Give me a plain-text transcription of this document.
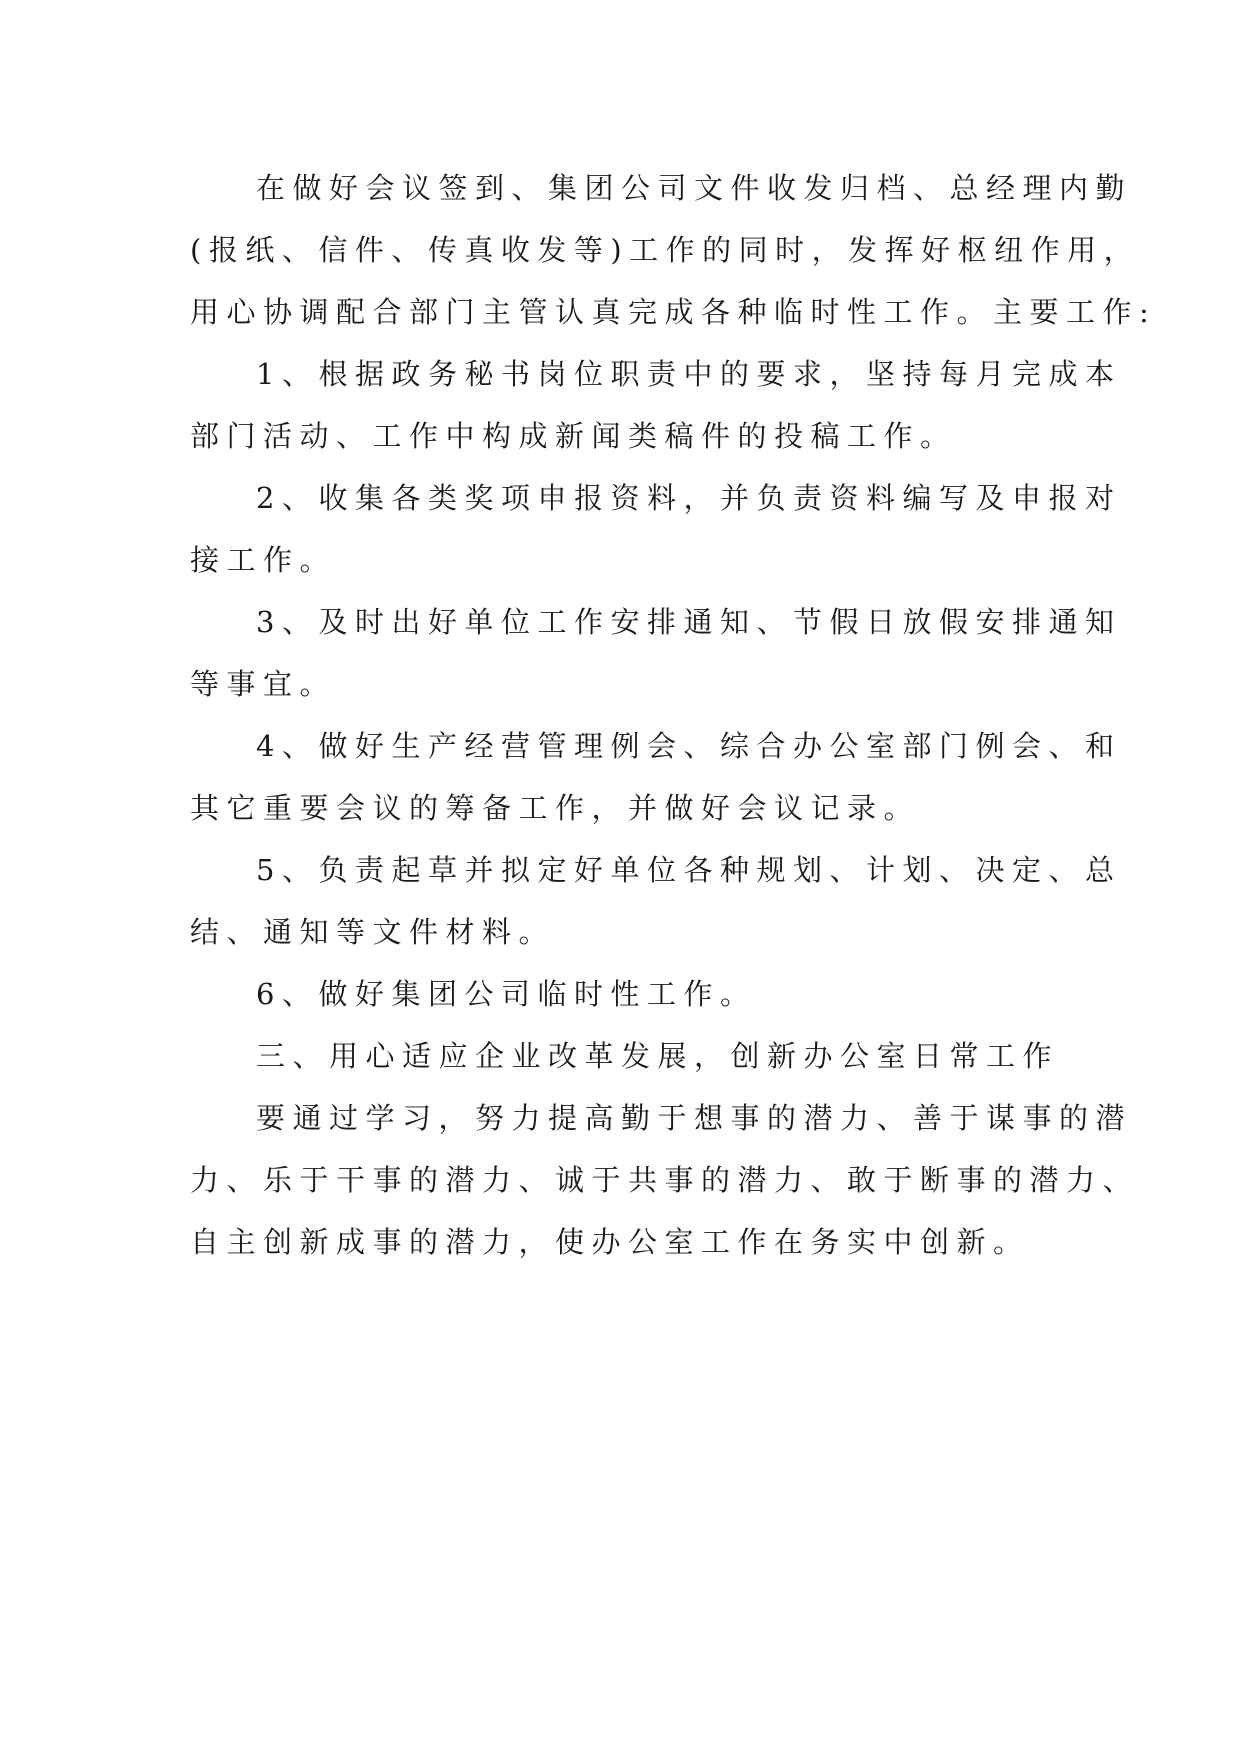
在做好会议签到、集团公司文件收发归档、总经理内勤
(报纸、信件、传真收发等)工作的同时，发挥好枢纽作用，
用心协调配合部门主管认真完成各种临时性工作。主要工作:
1、根据政务秘书岗位职责中的要求，坚持每月完成本
部门活动、工作中构成新闻类稿件的投稿工作。
2、收集各类奖项申报资料，并负责资料编写及申报对
接工作。
3、及时出好单位工作安排通知、节假日放假安排通知
等事宜。
4、做好生产经营管理例会、综合办公室部门例会、和
其它重要会议的筹备工作，并做好会议记录。
5、负责起草并拟定好单位各种规划、计划、决定、总
结、通知等文件材料。
6、做好集团公司临时性工作。
三、用心适应企业改革发展，创新办公室日常工作
要通过学习，努力提高勤于想事的潜力、善于谋事的潜
力、乐于干事的潜力、诚于共事的潜力、敢于断事的潜力、
自主创新成事的潜力，使办公室工作在务实中创新。
